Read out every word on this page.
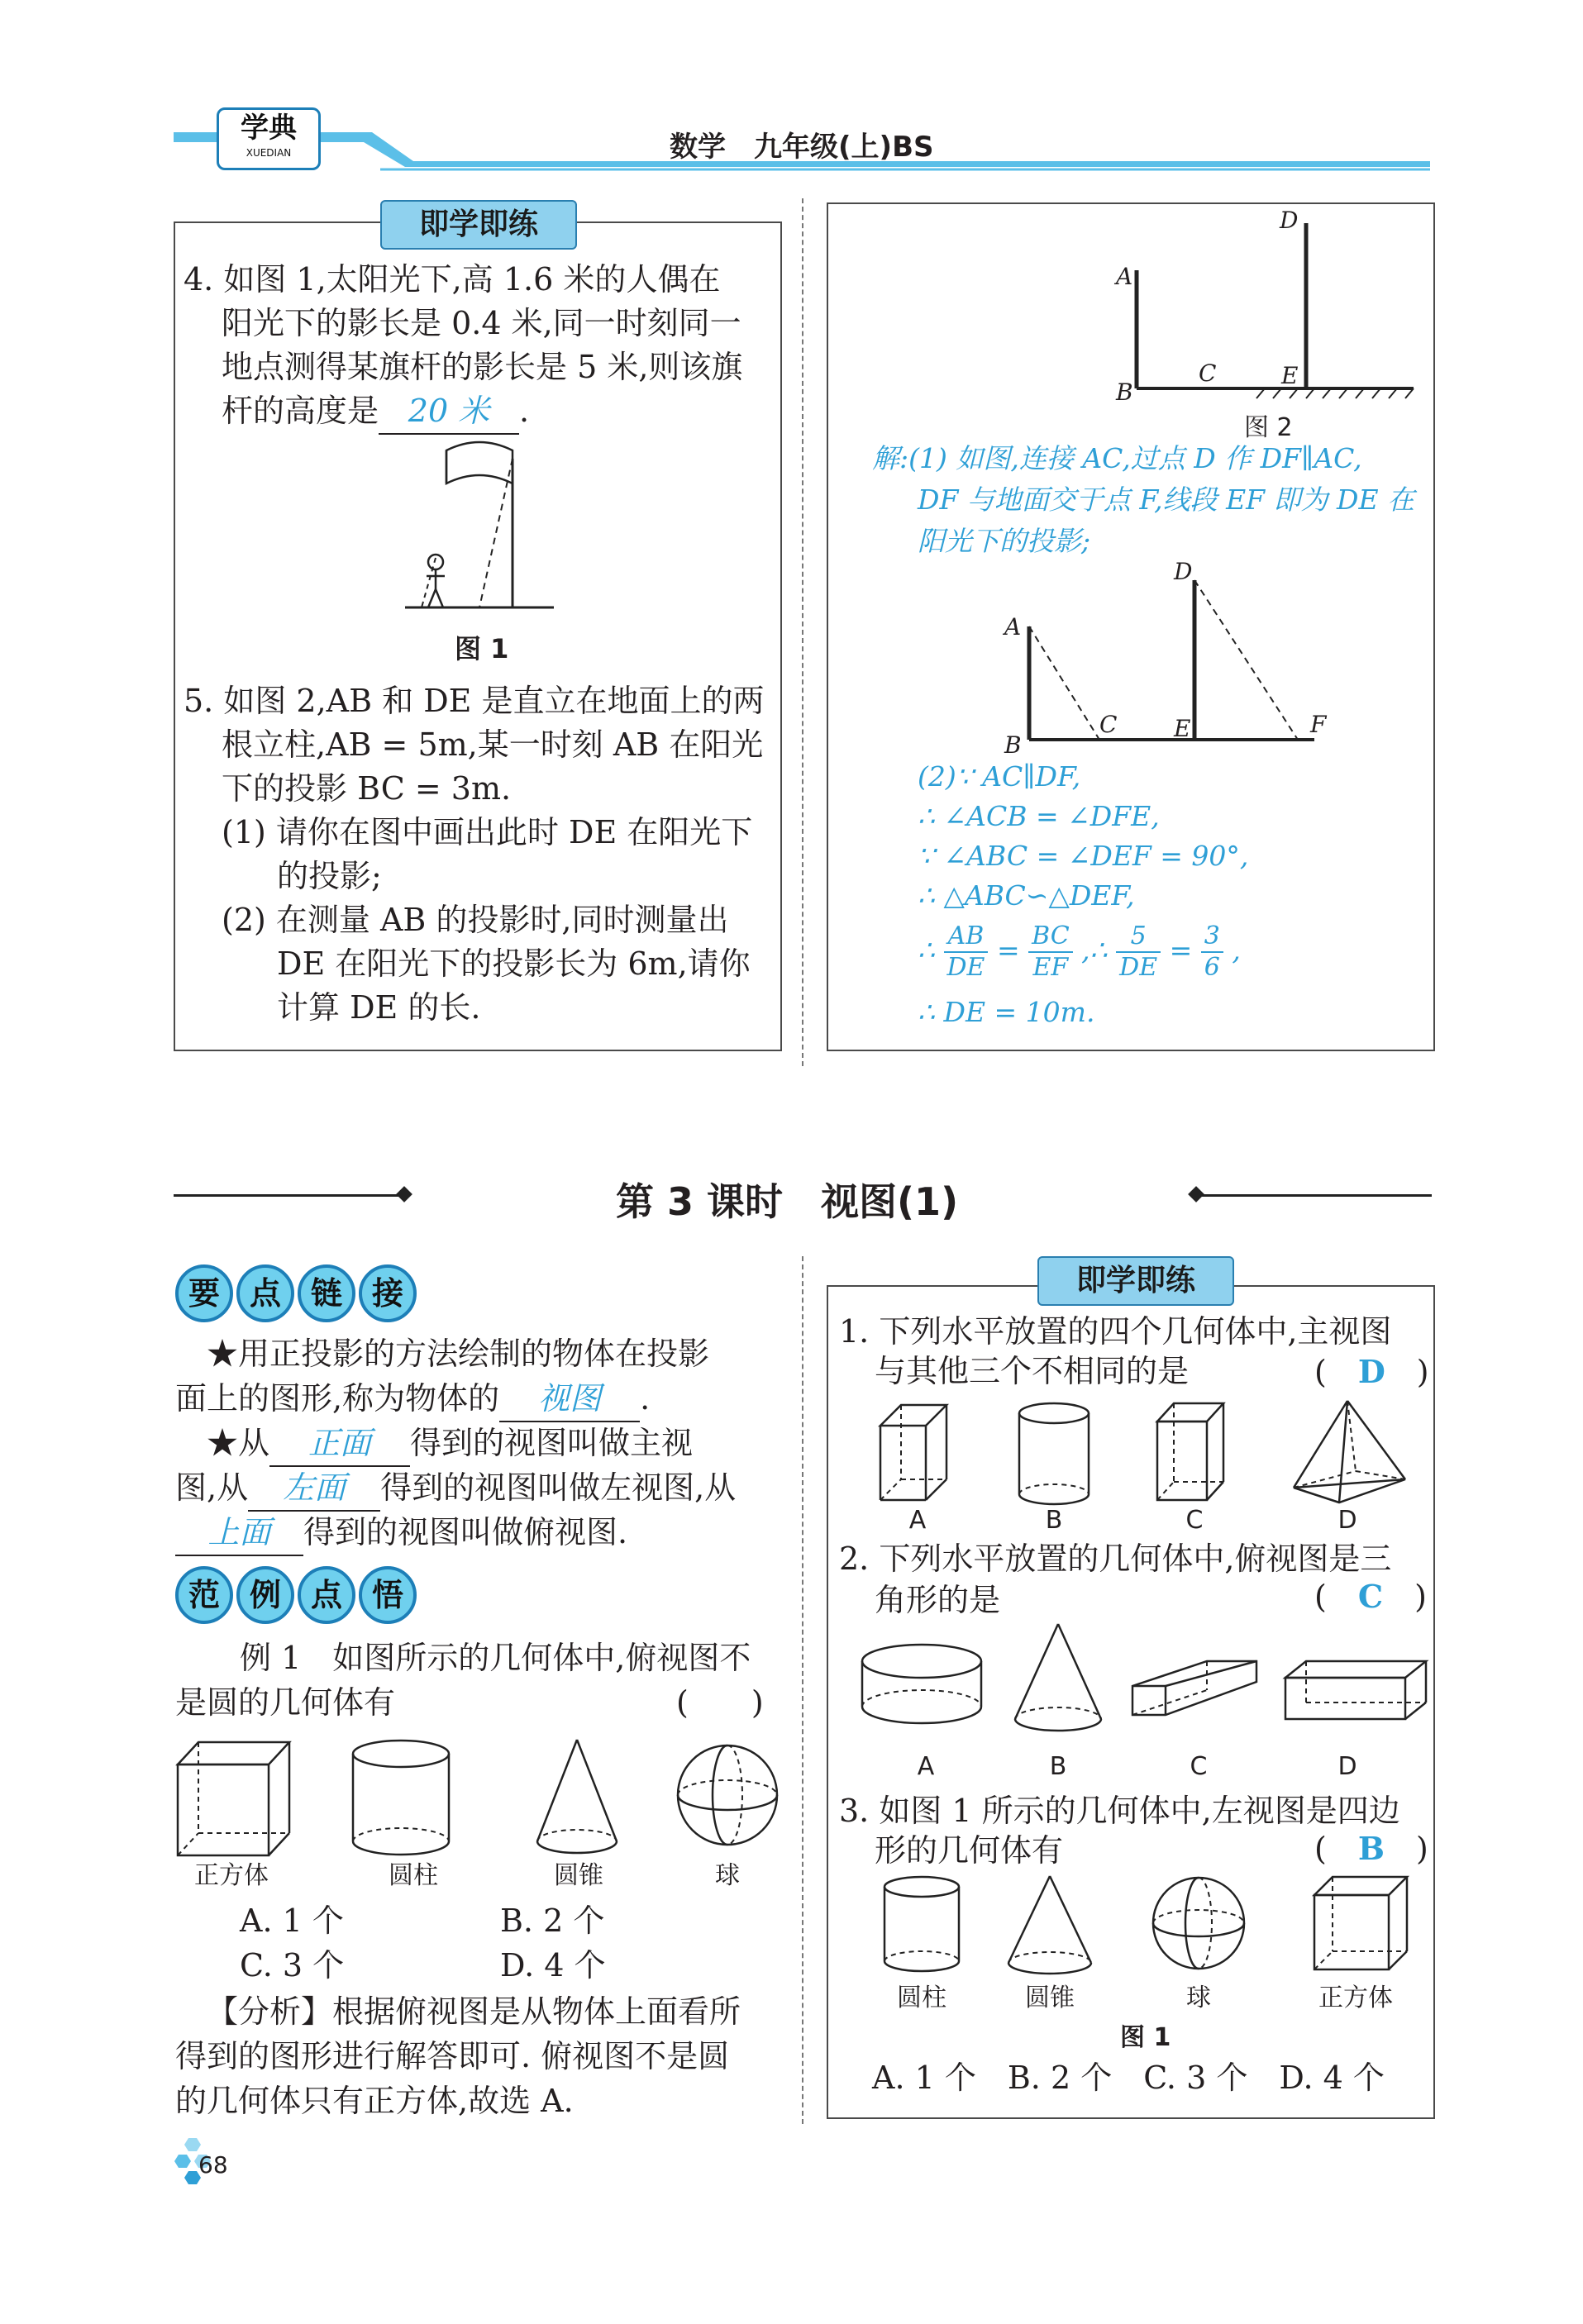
学典
XUEDIAN	数学　九年级(上)BS
即学即练
4. 如图 1,太阳光下,高 1.6 米的人偶在
阳光下的影长是 0.4 米,同一时刻同一
地点测得某旗杆的影长是 5 米,则该旗
杆的高度是 20 米 .
图 1
5. 如图 2,AB 和 DE 是直立在地面上的两
根立柱,AB = 5m,某一时刻 AB 在阳光
下的投影 BC = 3m.
(1) 请你在图中画出此时 DE 在阳光下
的投影;
(2) 在测量 AB 的投影时,同时测量出
DE 在阳光下的投影长为 6m,请你
计算 DE 的长.
A
B
C
D
E
图 2
解:(1) 如图,连接 AC,过点 D 作 DF∥AC,
DF 与地面交于点 F,线段 EF 即为 DE 在
阳光下的投影;
A
B
C
D
E	F
(2)∵ AC∥DF,
∴ ∠ACB = ∠DFE,
∵ ∠ABC = ∠DEF = 90°,
∴ △ABC∽△DEF,
∴ $\frac{AB}{DE} = \frac{BC}{EF}$ ,∴ $\frac{5}{DE} = \frac{3}{6}$ ,
∴ DE = 10m.
第 3 课时　视图(1)
要 点 链 接
★用正投影的方法绘制的物体在投影
面上的图形,称为物体的 视图 .
★从 正面 得到的视图叫做主视
图,从 左面 得到的视图叫做左视图,从
上面 得到的视图叫做俯视图.
范 例 点 悟
例 1　如图所示的几何体中,俯视图不
是圆的几何体有	(　　)
正方体	圆柱	圆锥	球
A. 1 个	B. 2 个
C. 3 个	D. 4 个
【分析】根据俯视图是从物体上面看所
得到的图形进行解答即可. 俯视图不是圆
的几何体只有正方体,故选 A.
即学即练
1. 下列水平放置的四个几何体中,主视图
与其他三个不相同的是	(　D　)
A	B	C	D
2. 下列水平放置的几何体中,俯视图是三
角形的是	(　C　)
A	B	C	D
3. 如图 1 所示的几何体中,左视图是四边
形的几何体有	(　B　)
圆柱	圆锥	球	正方体
图 1
A. 1 个　B. 2 个　C. 3 个　D. 4 个
68
